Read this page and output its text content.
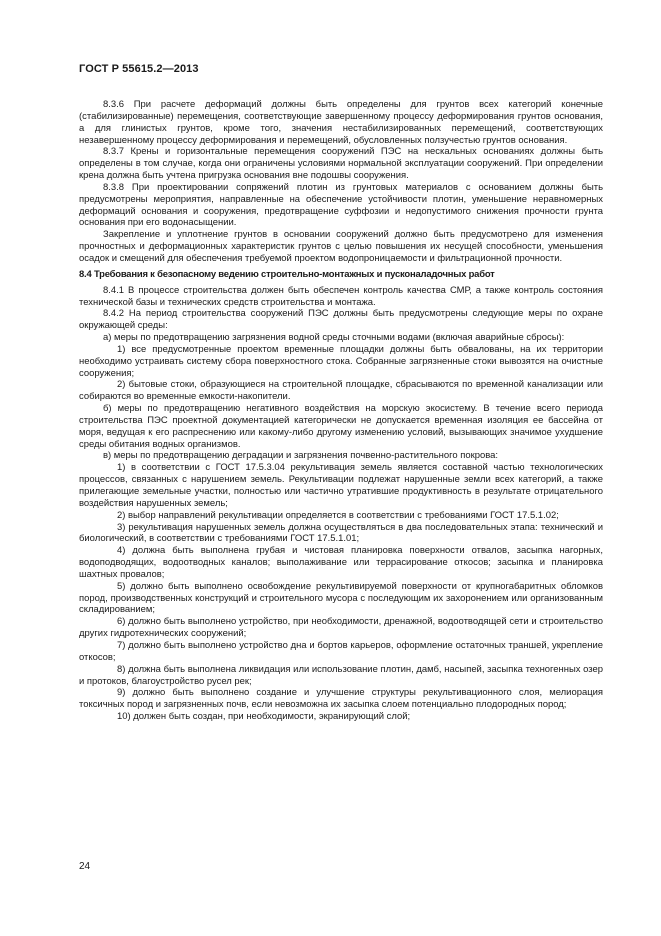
ГОСТ Р 55615.2—2013

8.3.6 При расчете деформаций должны быть определены для грунтов всех категорий конечные (стабилизированные) перемещения, соответствующие завершенному процессу деформирования грунтов основания, а для глинистых грунтов, кроме того, значения нестабилизированных перемещений, соответствующих незавершенному процессу деформирования и перемещений, обусловленных ползучестью грунтов основания.

8.3.7 Крены и горизонтальные перемещения сооружений ПЭС на нескальных основаниях должны быть определены в том случае, когда они ограничены условиями нормальной эксплуатации сооружений. При определении крена должна быть учтена пригрузка основания вне подошвы сооружения.

8.3.8 При проектировании сопряжений плотин из грунтовых материалов с основанием должны быть предусмотрены мероприятия, направленные на обеспечение устойчивости плотин, уменьшение неравномерных деформаций основания и сооружения, предотвращение суффозии и недопустимого снижения прочности грунта основания при его водонасыщении.

Закрепление и уплотнение грунтов в основании сооружений должно быть предусмотрено для изменения прочностных и деформационных характеристик грунтов с целью повышения их несущей способности, уменьшения осадок и смещений для обеспечения требуемой проектом водопроницаемости и фильтрационной прочности.

8.4 Требования к безопасному ведению строительно-монтажных и пусконаладочных работ

8.4.1 В процессе строительства должен быть обеспечен контроль качества СМР, а также контроль состояния технической базы и технических средств строительства и монтажа.

8.4.2 На период строительства сооружений ПЭС должны быть предусмотрены следующие меры по охране окружающей среды:

а) меры по предотвращению загрязнения водной среды сточными водами (включая аварийные сбросы):

1) все предусмотренные проектом временные площадки должны быть обвалованы, на их территории необходимо устраивать систему сбора поверхностного стока. Собранные загрязненные стоки вывозятся на очистные сооружения;

2) бытовые стоки, образующиеся на строительной площадке, сбрасываются по временной канализации или собираются во временные емкости-накопители.

б) меры по предотвращению негативного воздействия на морскую экосистему. В течение всего периода строительства ПЭС проектной документацией категорически не допускается временная изоляция ее бассейна от моря, ведущая к его распреснению или какому-либо другому изменению условий, вызывающих значимое ухудшение среды обитания водных организмов.

в) меры по предотвращению деградации и загрязнения почвенно-растительного покрова:

1) в соответствии с ГОСТ 17.5.3.04 рекультивация земель является составной частью технологических процессов, связанных с нарушением земель. Рекультивации подлежат нарушенные земли всех категорий, а также прилегающие земельные участки, полностью или частично утратившие продуктивность в результате отрицательного воздействия нарушенных земель;

2) выбор направлений рекультивации определяется в соответствии с требованиями ГОСТ 17.5.1.02;

3) рекультивация нарушенных земель должна осуществляться в два последовательных этапа: технический и биологический, в соответствии с требованиями ГОСТ 17.5.1.01;

4) должна быть выполнена грубая и чистовая планировка поверхности отвалов, засыпка нагорных, водоподводящих, водоотводных каналов; выполаживание или террасирование откосов; засыпка и планировка шахтных провалов;

5) должно быть выполнено освобождение рекультивируемой поверхности от крупногабаритных обломков пород, производственных конструкций и строительного мусора с последующим их захоронением или организованным складированием;

6) должно быть выполнено устройство, при необходимости, дренажной, водоотводящей сети и строительство других гидротехнических сооружений;

7) должно быть выполнено устройство дна и бортов карьеров, оформление остаточных траншей, укрепление откосов;

8) должна быть выполнена ликвидация или использование плотин, дамб, насыпей, засыпка техногенных озер и протоков, благоустройство русел рек;

9) должно быть выполнено создание и улучшение структуры рекультивационного слоя, мелиорация токсичных пород и загрязненных почв, если невозможна их засыпка слоем потенциально плодородных пород;

10) должен быть создан, при необходимости, экранирующий слой;

24
